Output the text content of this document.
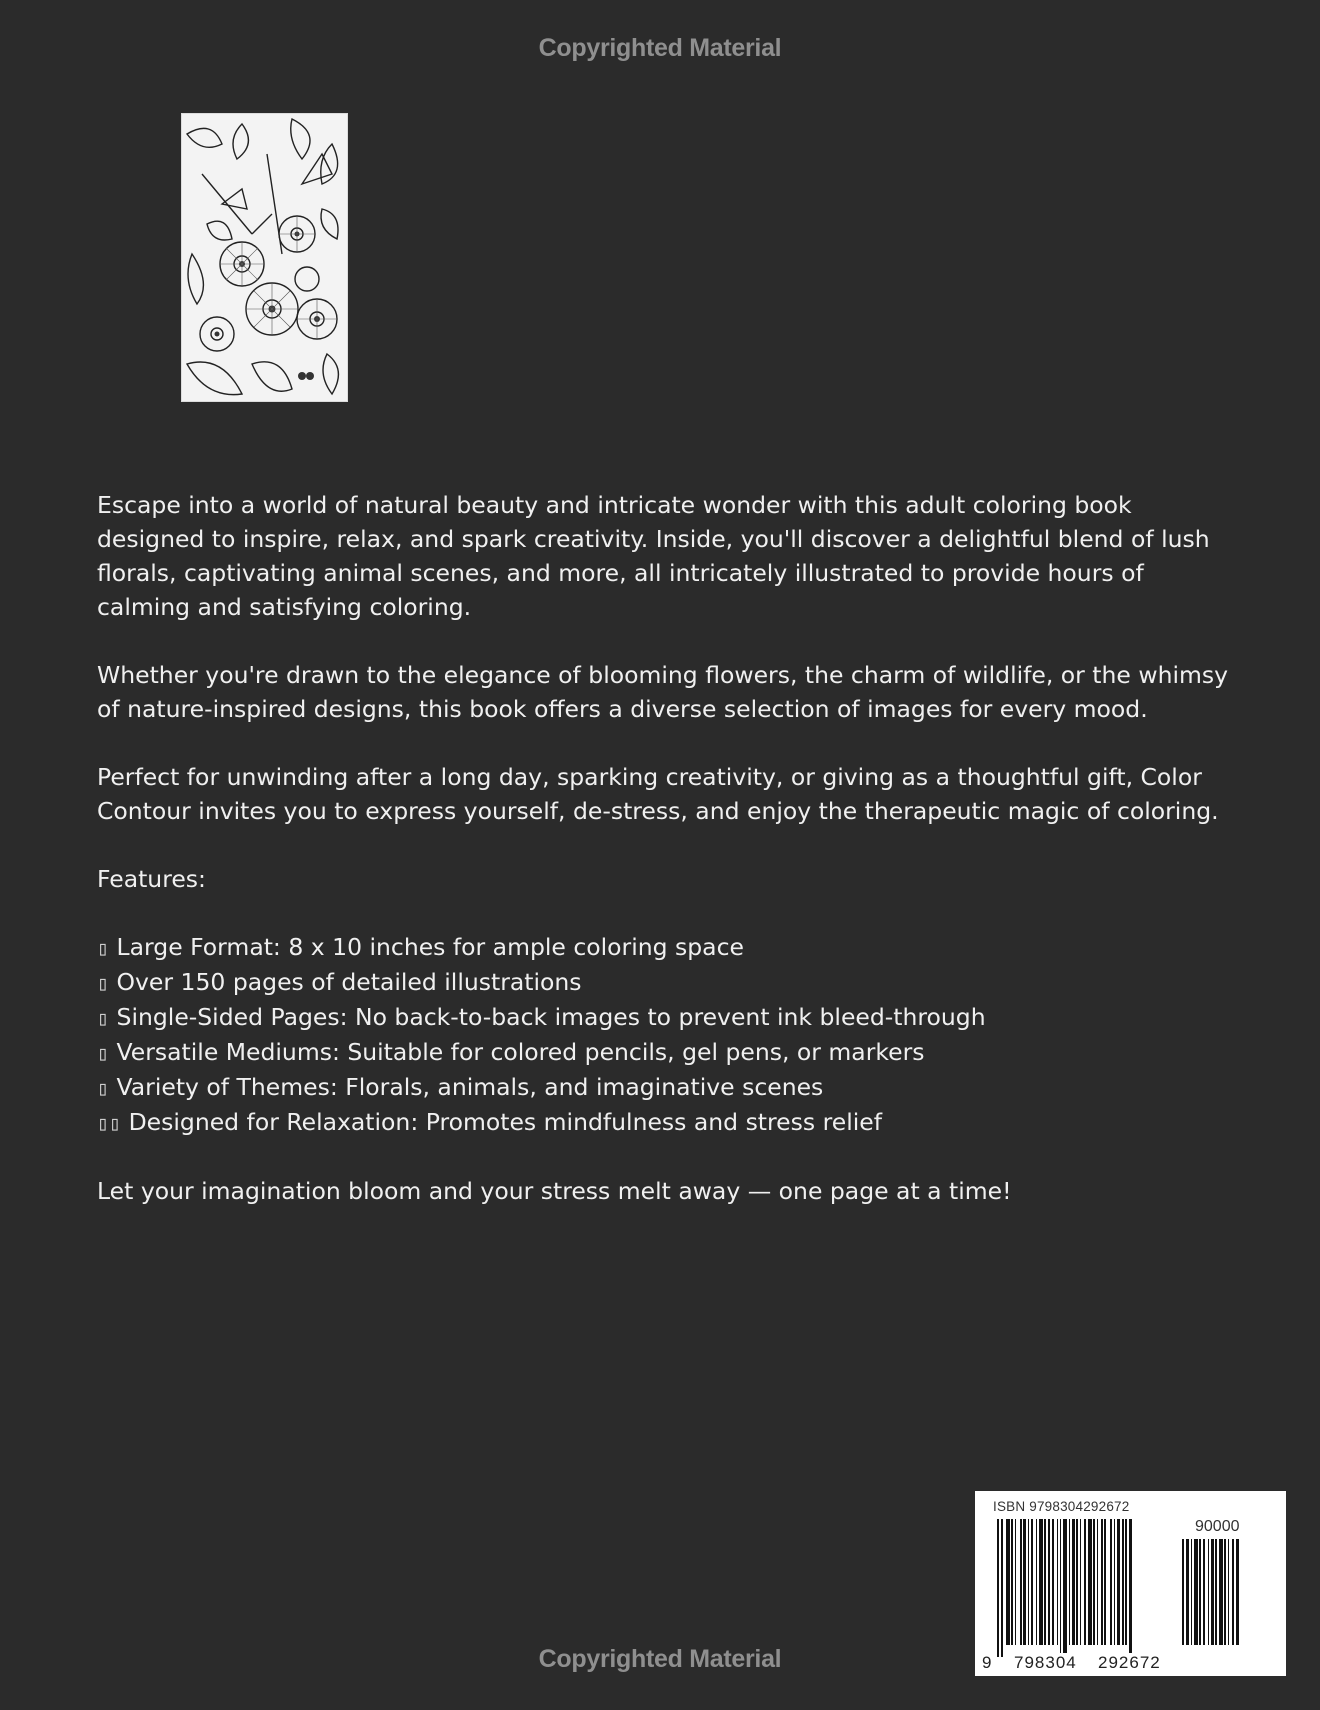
Copyrighted Material

Escape into a world of natural beauty and intricate wonder with this adult coloring book designed to inspire, relax, and spark creativity. Inside, you'll discover a delightful blend of lush florals, captivating animal scenes, and more, all intricately illustrated to provide hours of calming and satisfying coloring.

Whether you're drawn to the elegance of blooming flowers, the charm of wildlife, or the whimsy of nature-inspired designs, this book offers a diverse selection of images for every mood.

Perfect for unwinding after a long day, sparking creativity, or giving as a thoughtful gift, Color Contour invites you to express yourself, de-stress, and enjoy the therapeutic magic of coloring.

Features:

▯ Large Format: 8 x 10 inches for ample coloring space
▯ Over 150 pages of detailed illustrations
▯ Single-Sided Pages: No back-to-back images to prevent ink bleed-through
▯ Versatile Mediums: Suitable for colored pencils, gel pens, or markers
▯ Variety of Themes: Florals, animals, and imaginative scenes
▯▯ Designed for Relaxation: Promotes mindfulness and stress relief

Let your imagination bloom and your stress melt away — one page at a time!

ISBN 9798304292672
90000
9 798304 292672
Copyrighted Material
